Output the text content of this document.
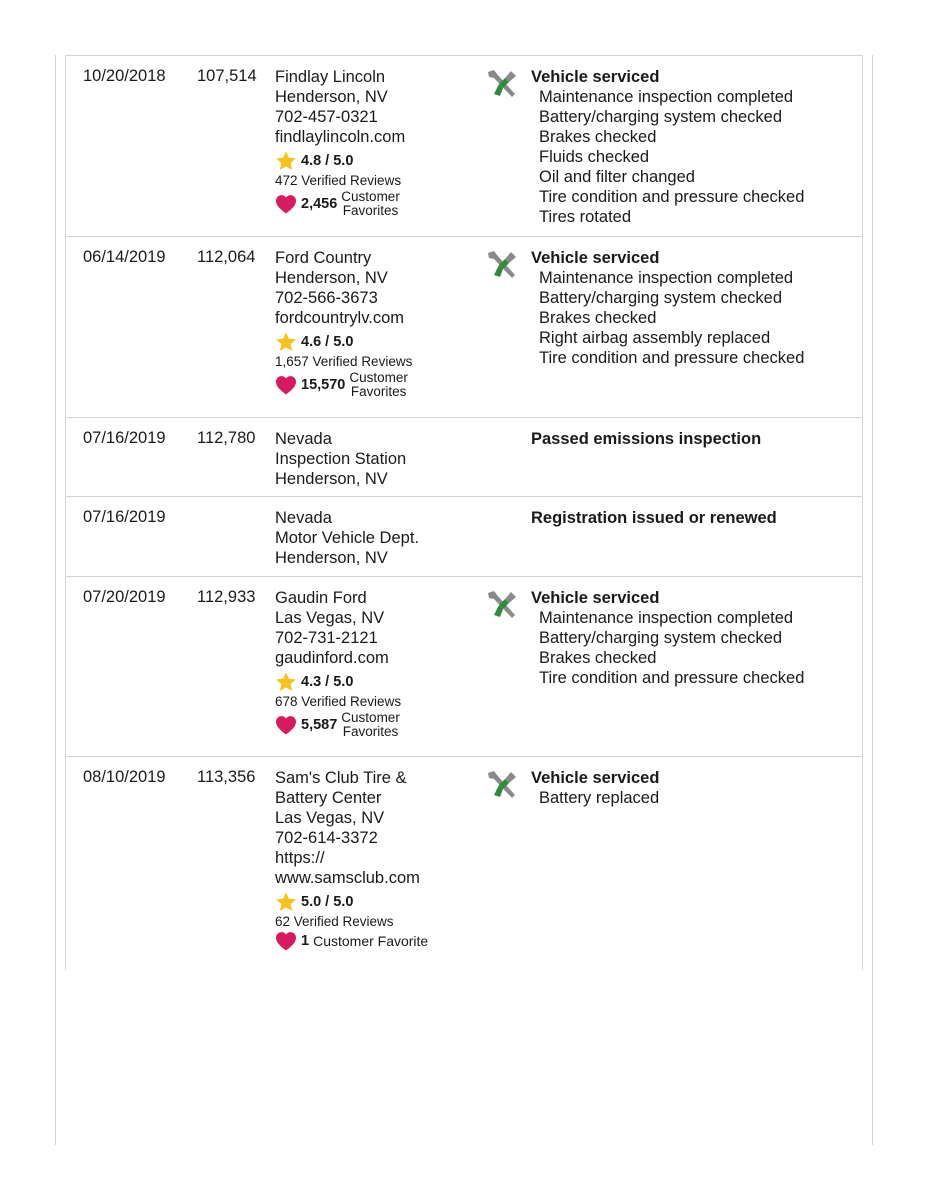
10/20/2018 107,514 Findlay Lincoln
Henderson, NV
702-457-0321
findlaylincoln.com
4.8 / 5.0
472 Verified Reviews
2,456 Customer
Favorites
Vehicle serviced
Maintenance inspection completed
Battery/charging system checked
Brakes checked
Fluids checked
Oil and filter changed
Tire condition and pressure checked
Tires rotated
06/14/2019 112,064 Ford Country
Henderson, NV
702-566-3673
fordcountrylv.com
4.6 / 5.0
1,657 Verified Reviews
15,570 Customer
Favorites
Vehicle serviced
Maintenance inspection completed
Battery/charging system checked
Brakes checked
Right airbag assembly replaced
Tire condition and pressure checked
07/16/2019 112,780 Nevada
Inspection Station
Henderson, NV
Passed emissions inspection
07/16/2019	Nevada
Motor Vehicle Dept.
Henderson, NV
Registration issued or renewed
07/20/2019 112,933 Gaudin Ford
Las Vegas, NV
702-731-2121
gaudinford.com
4.3 / 5.0
678 Verified Reviews
5,587 Customer
Favorites
Vehicle serviced
Maintenance inspection completed
Battery/charging system checked
Brakes checked
Tire condition and pressure checked
08/10/2019 113,356 Sam's Club Tire &
Battery Center
Las Vegas, NV
702-614-3372
https://
www.samsclub.com
5.0 / 5.0
62 Verified Reviews
1 Customer Favorite
Vehicle serviced
Battery replaced
